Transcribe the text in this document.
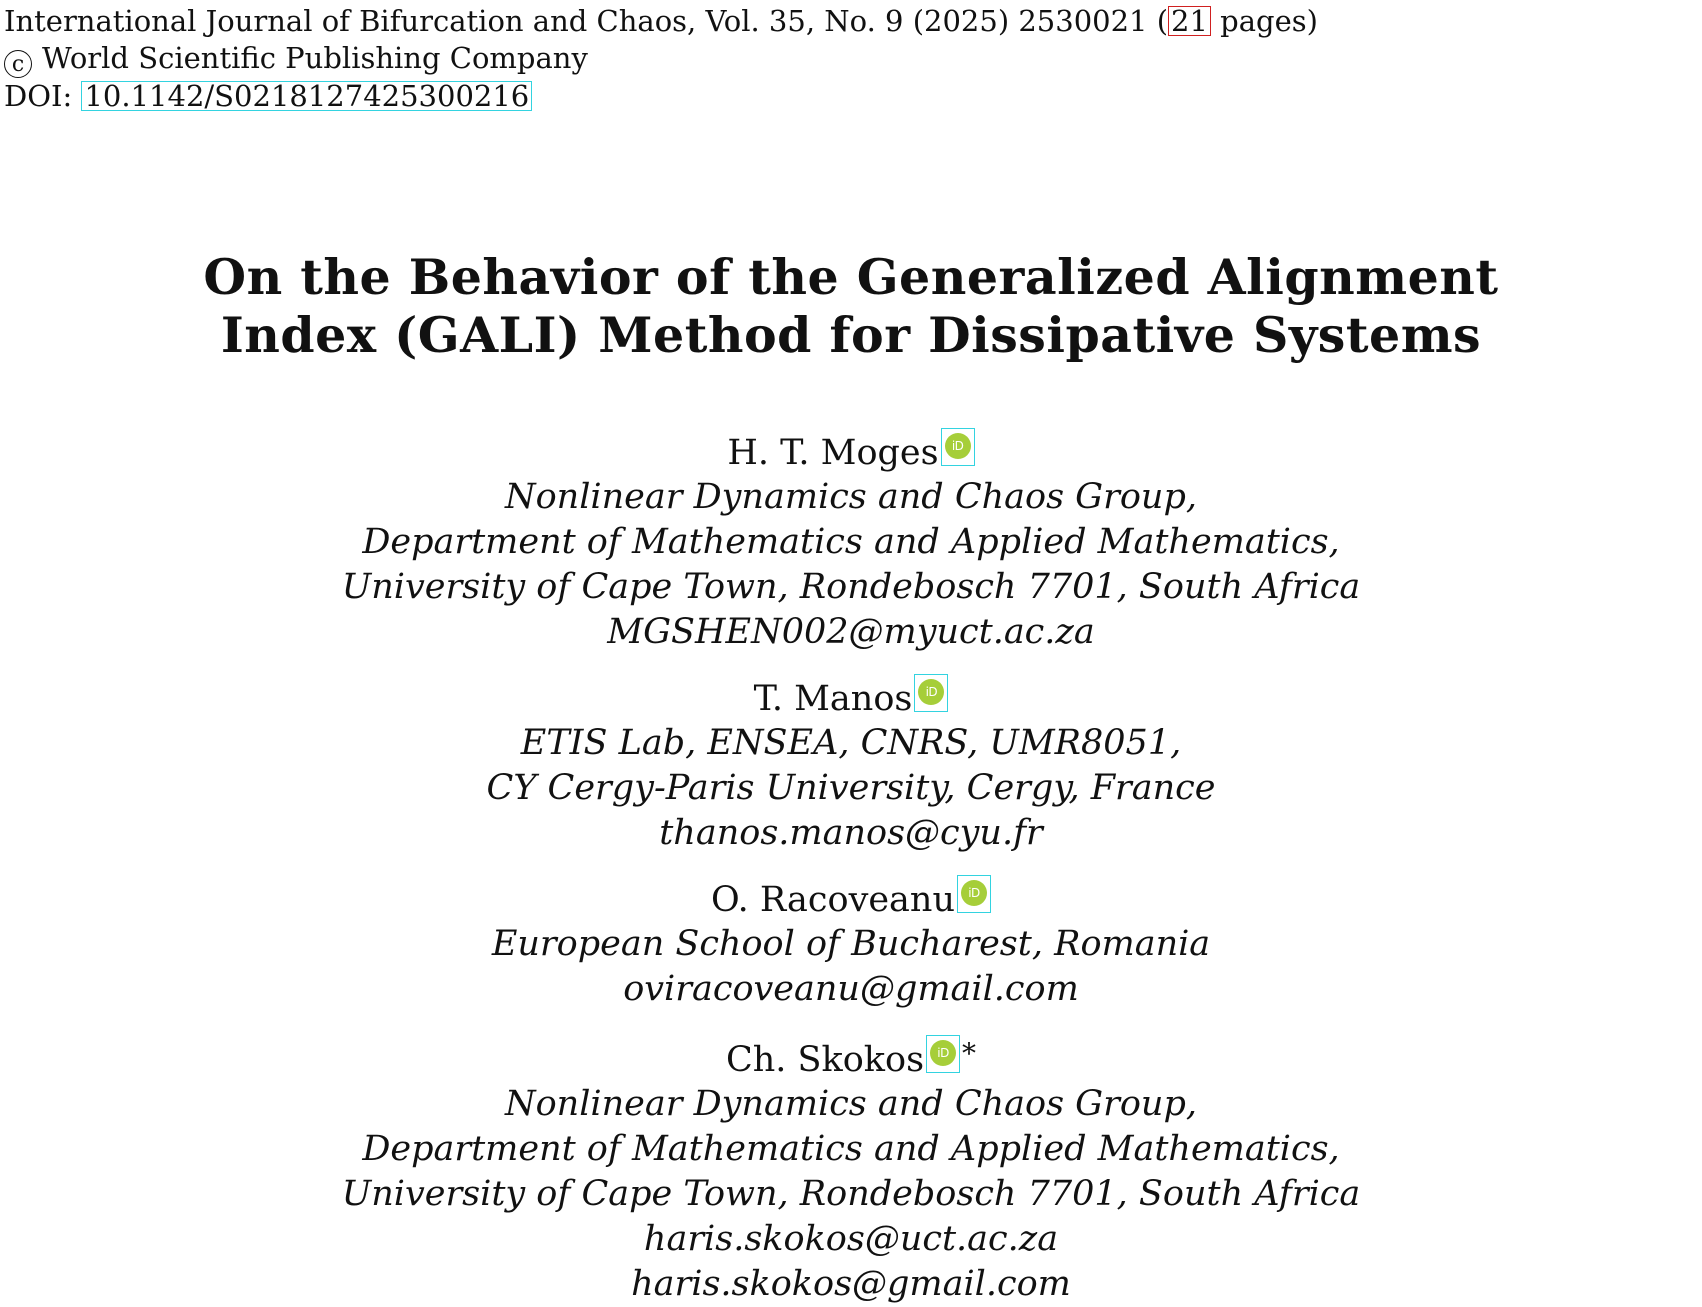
International Journal of Bifurcation and Chaos, Vol. 35, No. 9 (2025) 2530021 ( 21 pages)
c World Scientific Publishing Company
DOI: 10.1142/S0218127425300216
On the Behavior of the Generalized Alignment
Index (GALI) Method for Dissipative Systems
H. T. Moges	iD
Nonlinear Dynamics and Chaos Group,
Department of Mathematics and Applied Mathematics,
University of Cape Town, Rondebosch 7701, South Africa
MGSHEN002@myuct.ac.za
T. Manos	iD
ETIS Lab, ENSEA, CNRS, UMR8051,
CY Cergy-Paris University, Cergy, France
thanos.manos@cyu.fr
O. Racoveanu	iD
European School of Bucharest, Romania
oviracoveanu@gmail.com
Ch. Skokos	iD *
Nonlinear Dynamics and Chaos Group,
Department of Mathematics and Applied Mathematics,
University of Cape Town, Rondebosch 7701, South Africa
haris.skokos@uct.ac.za
haris.skokos@gmail.com
